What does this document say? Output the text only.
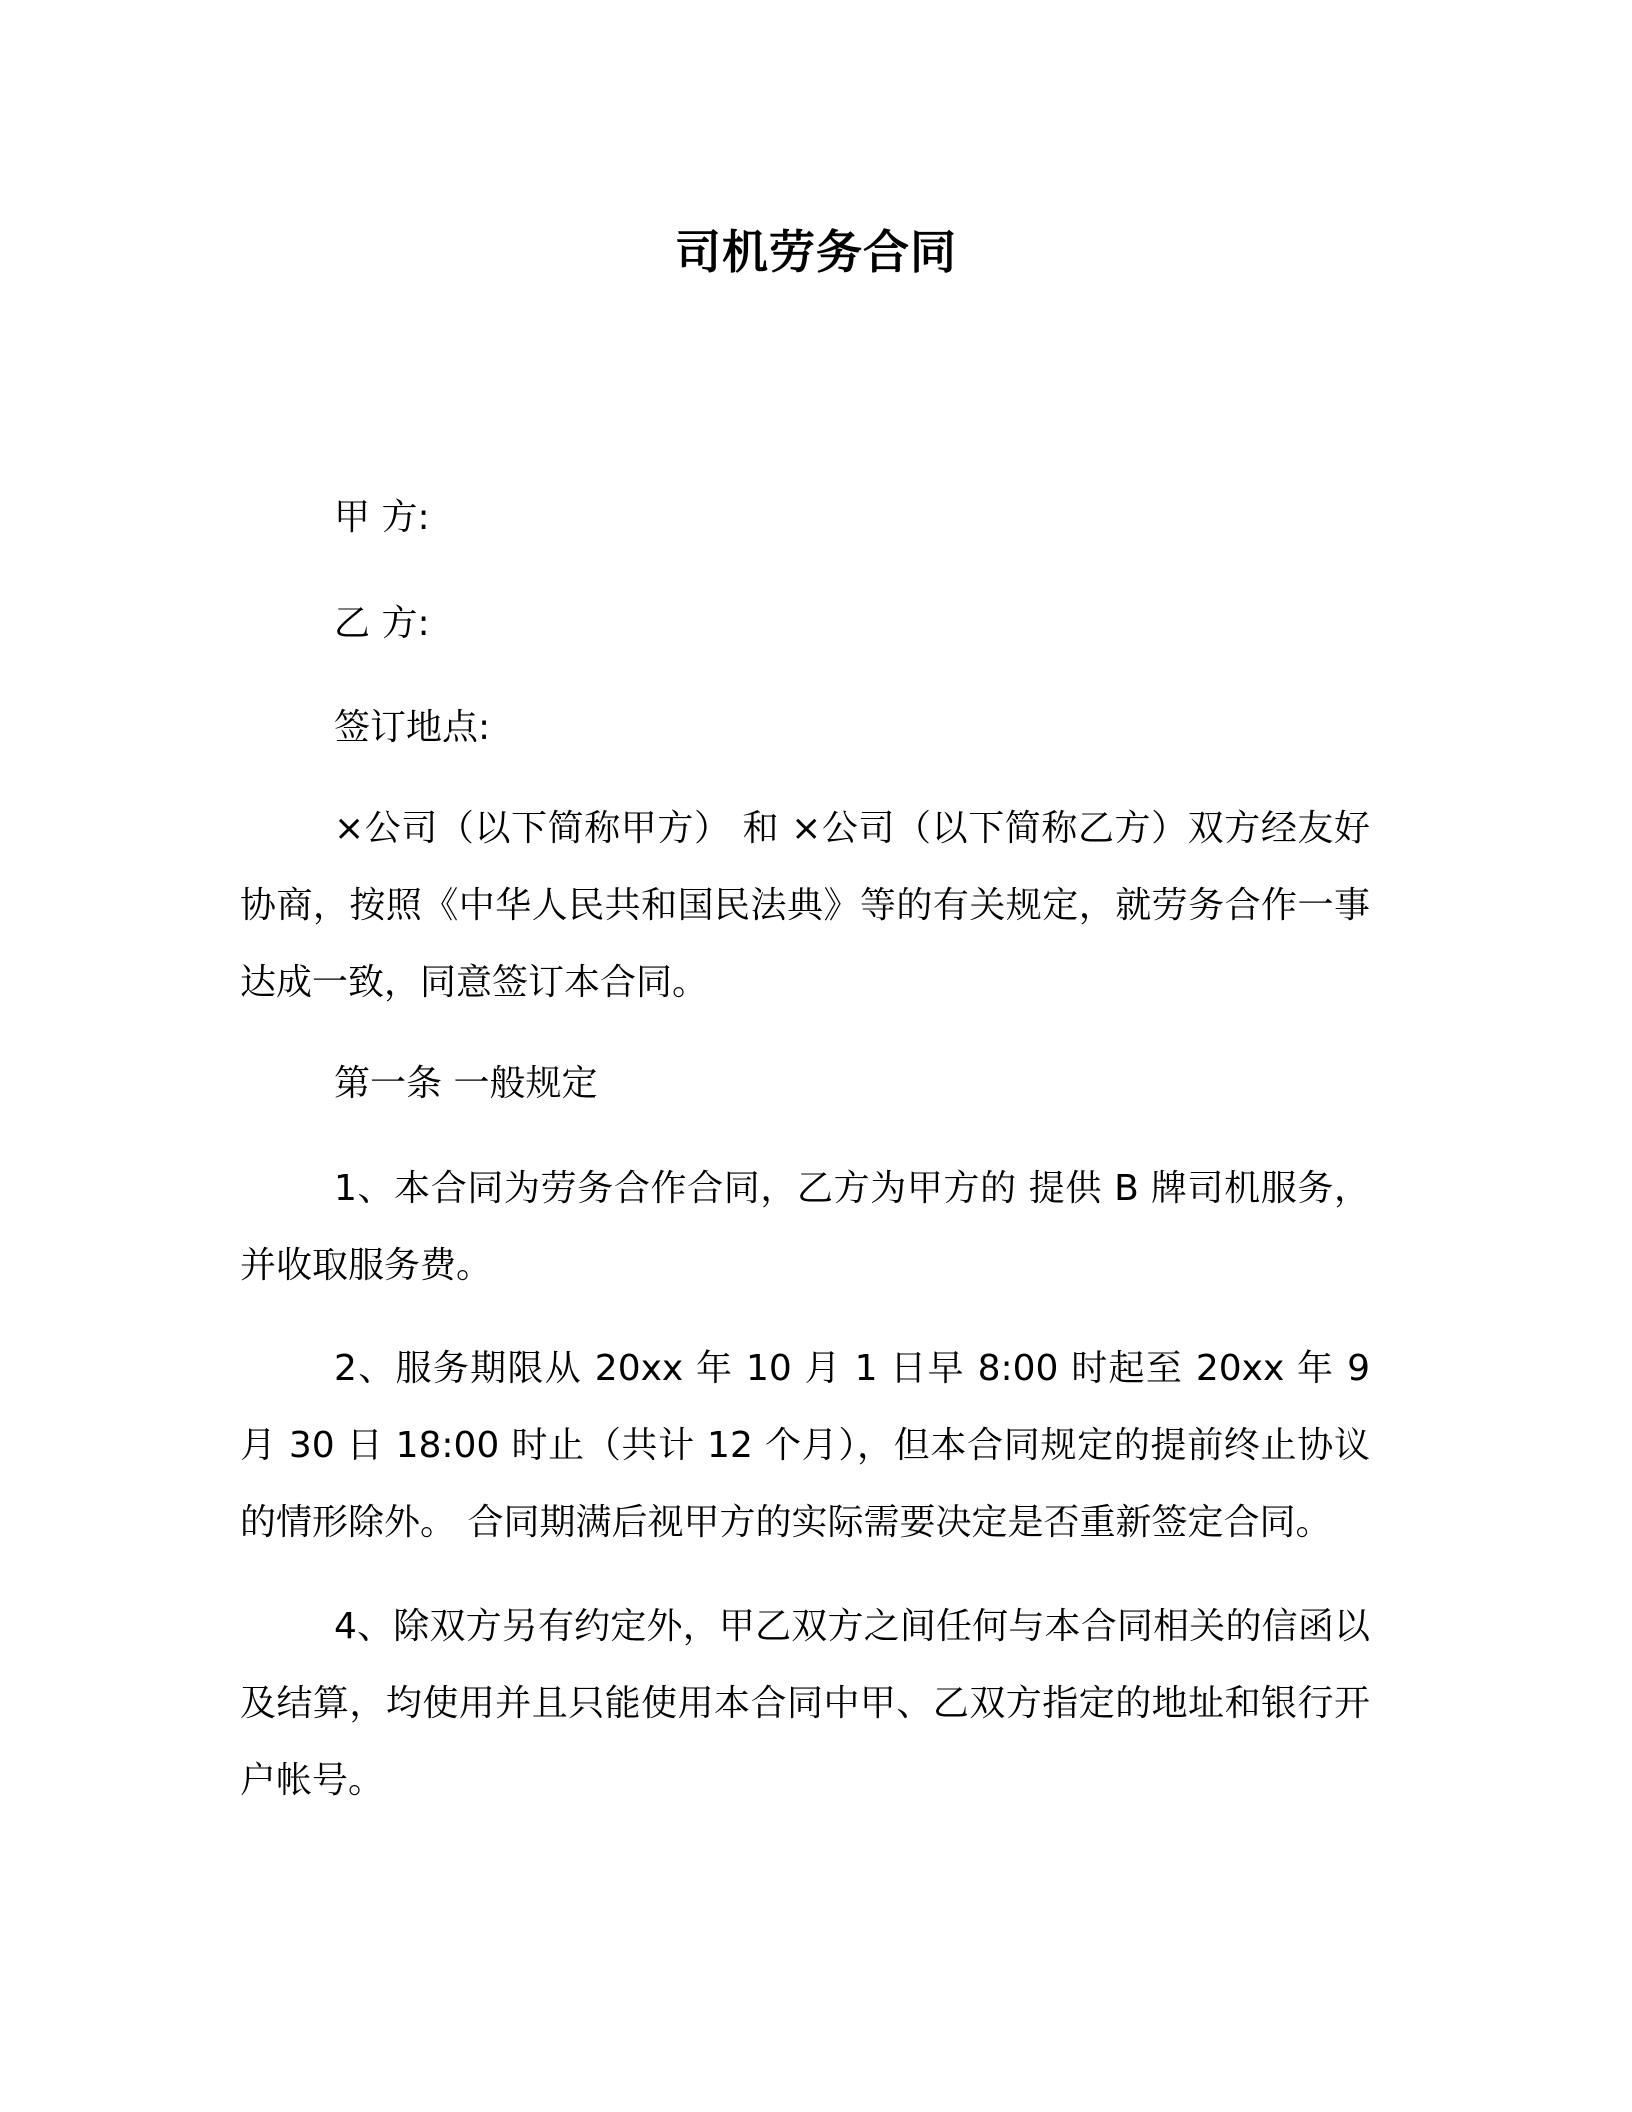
司机劳务合同
甲 方:
乙 方:
签订地点:
×公司（以下简称甲方） 和 ×公司（以下简称乙方）双方经友好协商，按照《中华人民共和国民法典》等的有关规定，就劳务合作一事达成一致，同意签订本合同。
第一条 一般规定
1、本合同为劳务合作合同，乙方为甲方的 提供 B 牌司机服务，并收取服务费。
2、服务期限从 20xx 年 10 月 1 日早 8:00 时起至 20xx 年 9 月 30 日 18:00 时止（共计 12 个月），但本合同规定的提前终止协议的情形除外。 合同期满后视甲方的实际需要决定是否重新签定合同。
4、除双方另有约定外，甲乙双方之间任何与本合同相关的信函以及结算，均使用并且只能使用本合同中甲、乙双方指定的地址和银行开户帐号。
